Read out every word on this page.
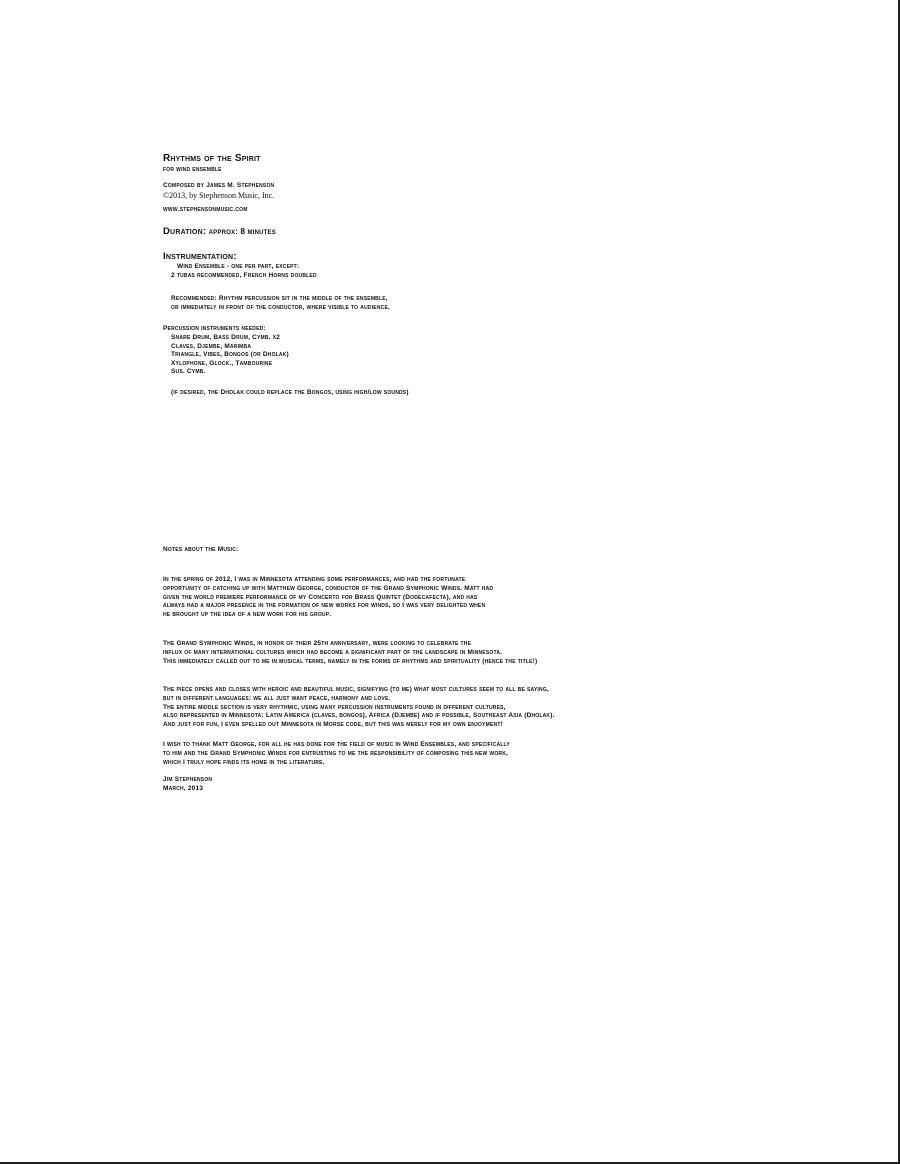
Rhythms of the Spirit
for wind ensemble
Composed by James M. Stephenson
©2013, by Stephenson Music, Inc.
www.stephensonmusic.com
Duration: approx: 8 minutes
Instrumentation:
Wind Ensemble - one per part, except:
2 tubas recommended, French Horns doubled
Recommended: Rhythm percussion sit in the middle of the ensemble,
or immediately in front of the conductor, where visible to audience.
Percussion instruments needed:
Snare Drum, Bass Drum, Cymb. x2
Claves, Djembe, Marimba
Triangle, Vibes, Bongos (or Dholak)
Xylophone, Glock., Tambourine
Sus. Cymb.
(if desired, the Dholak could replace the Bongos, using high/low sounds)
Notes about the Music:
In the spring of 2012, I was in Minnesota attending some performances, and had the fortunate
opportunity of catching up with Matthew George, conductor of the Grand Symphonic Winds. Matt had
given the world premiere performance of my Concerto for Brass Quintet (Dodecafecta), and has
always had a major presence in the formation of new works for winds, so I was very delighted when
he brought up the idea of a new work for his group.
The Grand Symphonic Winds, in honor of their 25th anniversary, were looking to celebrate the
influx of many international cultures which had become a significant part of the landscape in Minnesota.
This immediately called out to me in musical terms, namely in the forms of rhythms and spirituality (hence the title!)
The piece opens and closes with heroic and beautiful music, signifying (to me) what most cultures seem to all be saying,
but in different languages: we all just want peace, harmony and love.
The entire middle section is very rhythmic, using many percussion instruments found in different cultures,
also represented in Minnesota: Latin America (claves, bongos), Africa (Djembe) and if possible, Southeast Asia (Dholak).
And just for fun, I even spelled out Minnesota in Morse code, but this was merely for my own enjoyment!
I wish to thank Matt George, for all he has done for the field of music in Wind Ensembles, and specifically
to him and the Grand Symphonic Winds for entrusting to me the responsibility of composing this new work,
which I truly hope finds its home in the literature.
Jim Stephenson
March, 2013
